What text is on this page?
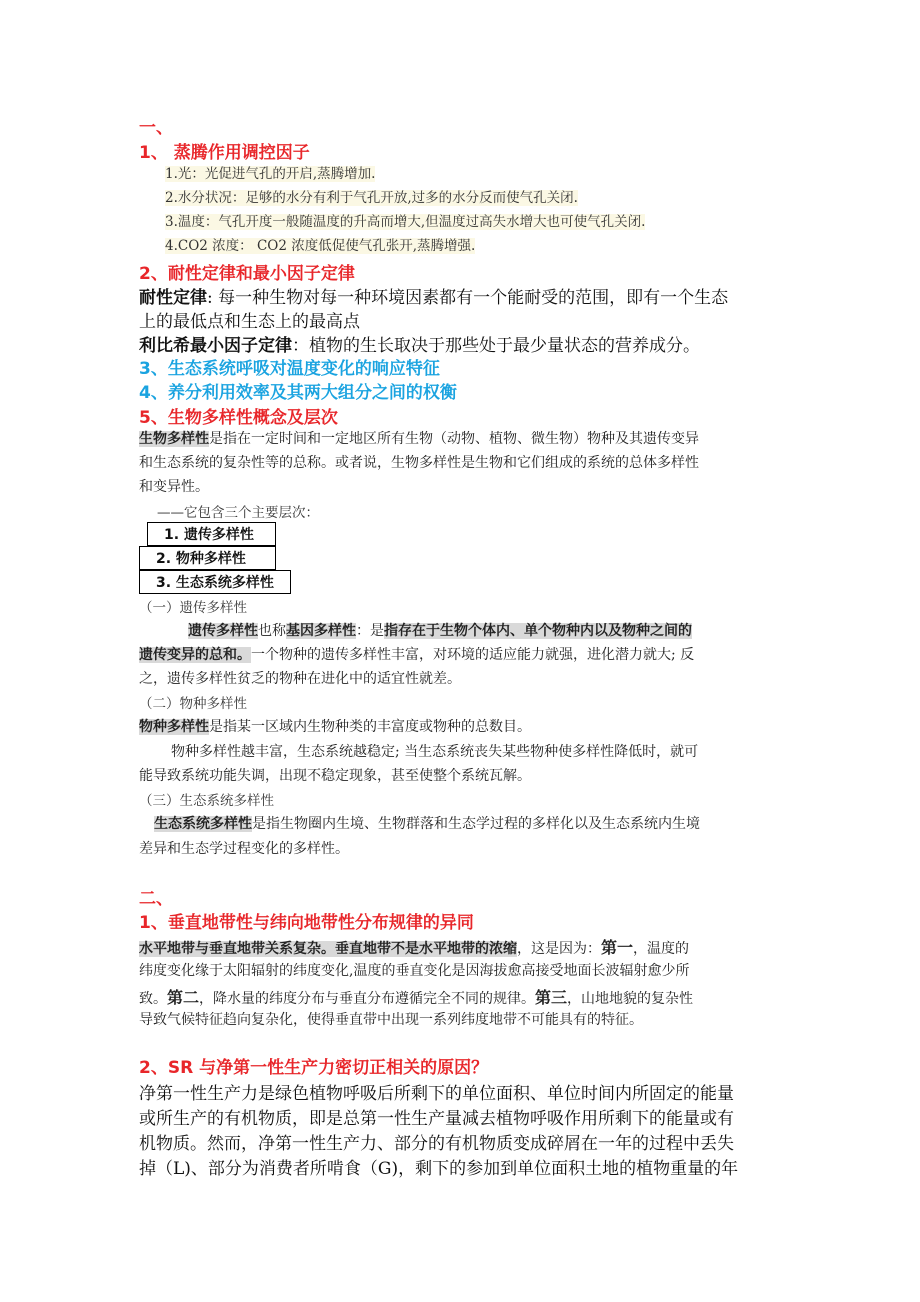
一、
1、 蒸腾作用调控因子
1.光：光促进气孔的开启,蒸腾增加.
2.水分状况：足够的水分有利于气孔开放,过多的水分反而使气孔关闭.
3.温度：气孔开度一般随温度的升高而增大,但温度过高失水增大也可使气孔关闭.
4.CO2 浓度： CO2 浓度低促使气孔张开,蒸腾增强.
2、耐性定律和最小因子定律
耐性定律: 每一种生物对每一种环境因素都有一个能耐受的范围，即有一个生态
上的最低点和生态上的最高点
利比希最小因子定律：植物的生长取决于那些处于最少量状态的营养成分。
3、生态系统呼吸对温度变化的响应特征
4、养分利用效率及其两大组分之间的权衡
5、生物多样性概念及层次
生物多样性是指在一定时间和一定地区所有生物（动物、植物、微生物）物种及其遗传变异
和生态系统的复杂性等的总称。或者说，生物多样性是生物和它们组成的系统的总体多样性
和变异性。
——它包含三个主要层次：
1. 遗传多样性
2. 物种多样性
3. 生态系统多样性
（一）遗传多样性
遗传多样性也称基因多样性：是指存在于生物个体内、单个物种内以及物种之间的
遗传变异的总和。一个物种的遗传多样性丰富，对环境的适应能力就强，进化潜力就大; 反
之，遗传多样性贫乏的物种在进化中的适宜性就差。
（二）物种多样性
物种多样性是指某一区域内生物种类的丰富度或物种的总数目。
物种多样性越丰富，生态系统越稳定; 当生态系统丧失某些物种使多样性降低时，就可
能导致系统功能失调，出现不稳定现象，甚至使整个系统瓦解。
（三）生态系统多样性
生态系统多样性是指生物圈内生境、生物群落和生态学过程的多样化以及生态系统内生境
差异和生态学过程变化的多样性。
二、
1、垂直地带性与纬向地带性分布规律的异同
水平地带与垂直地带关系复杂。垂直地带不是水平地带的浓缩，这是因为：第一，温度的
纬度变化缘于太阳辐射的纬度变化,温度的垂直变化是因海拔愈高接受地面长波辐射愈少所
致。第二，降水量的纬度分布与垂直分布遵循完全不同的规律。第三，山地地貌的复杂性
导致气候特征趋向复杂化，使得垂直带中出现一系列纬度地带不可能具有的特征。
2、SR 与净第一性生产力密切正相关的原因？
净第一性生产力是绿色植物呼吸后所剩下的单位面积、单位时间内所固定的能量
或所生产的有机物质，即是总第一性生产量减去植物呼吸作用所剩下的能量或有
机物质。然而，净第一性生产力、部分的有机物质变成碎屑在一年的过程中丢失
掉（L)、部分为消费者所啃食（G)，剩下的参加到单位面积土地的植物重量的年
